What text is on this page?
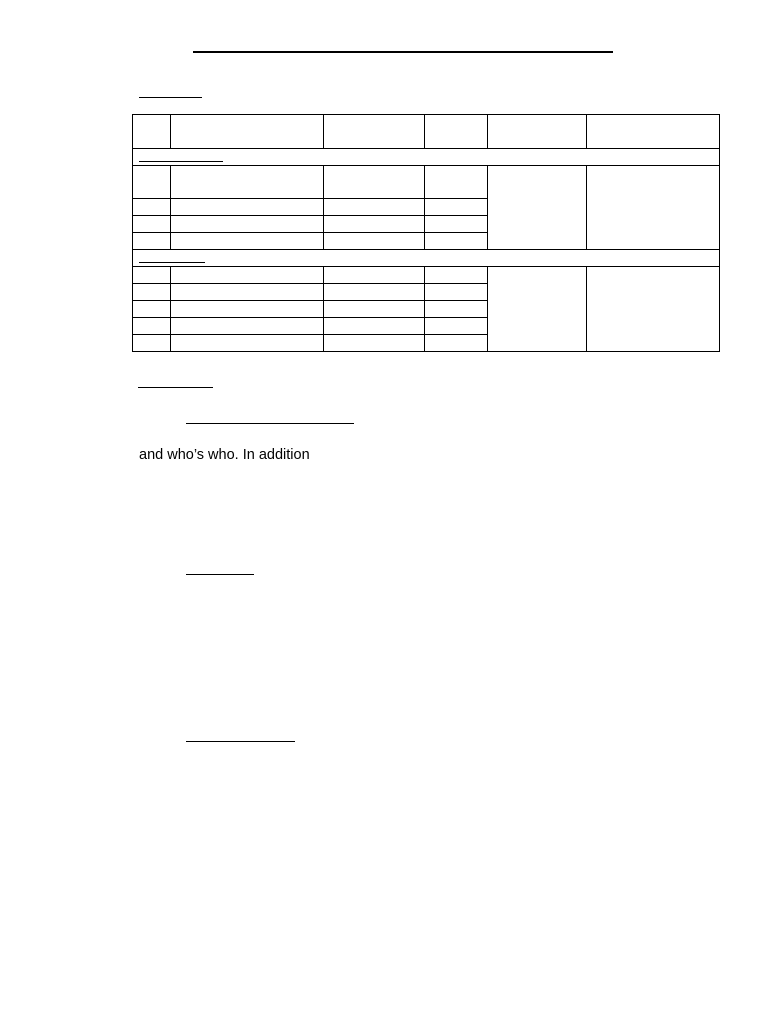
and who’s who. In addition
